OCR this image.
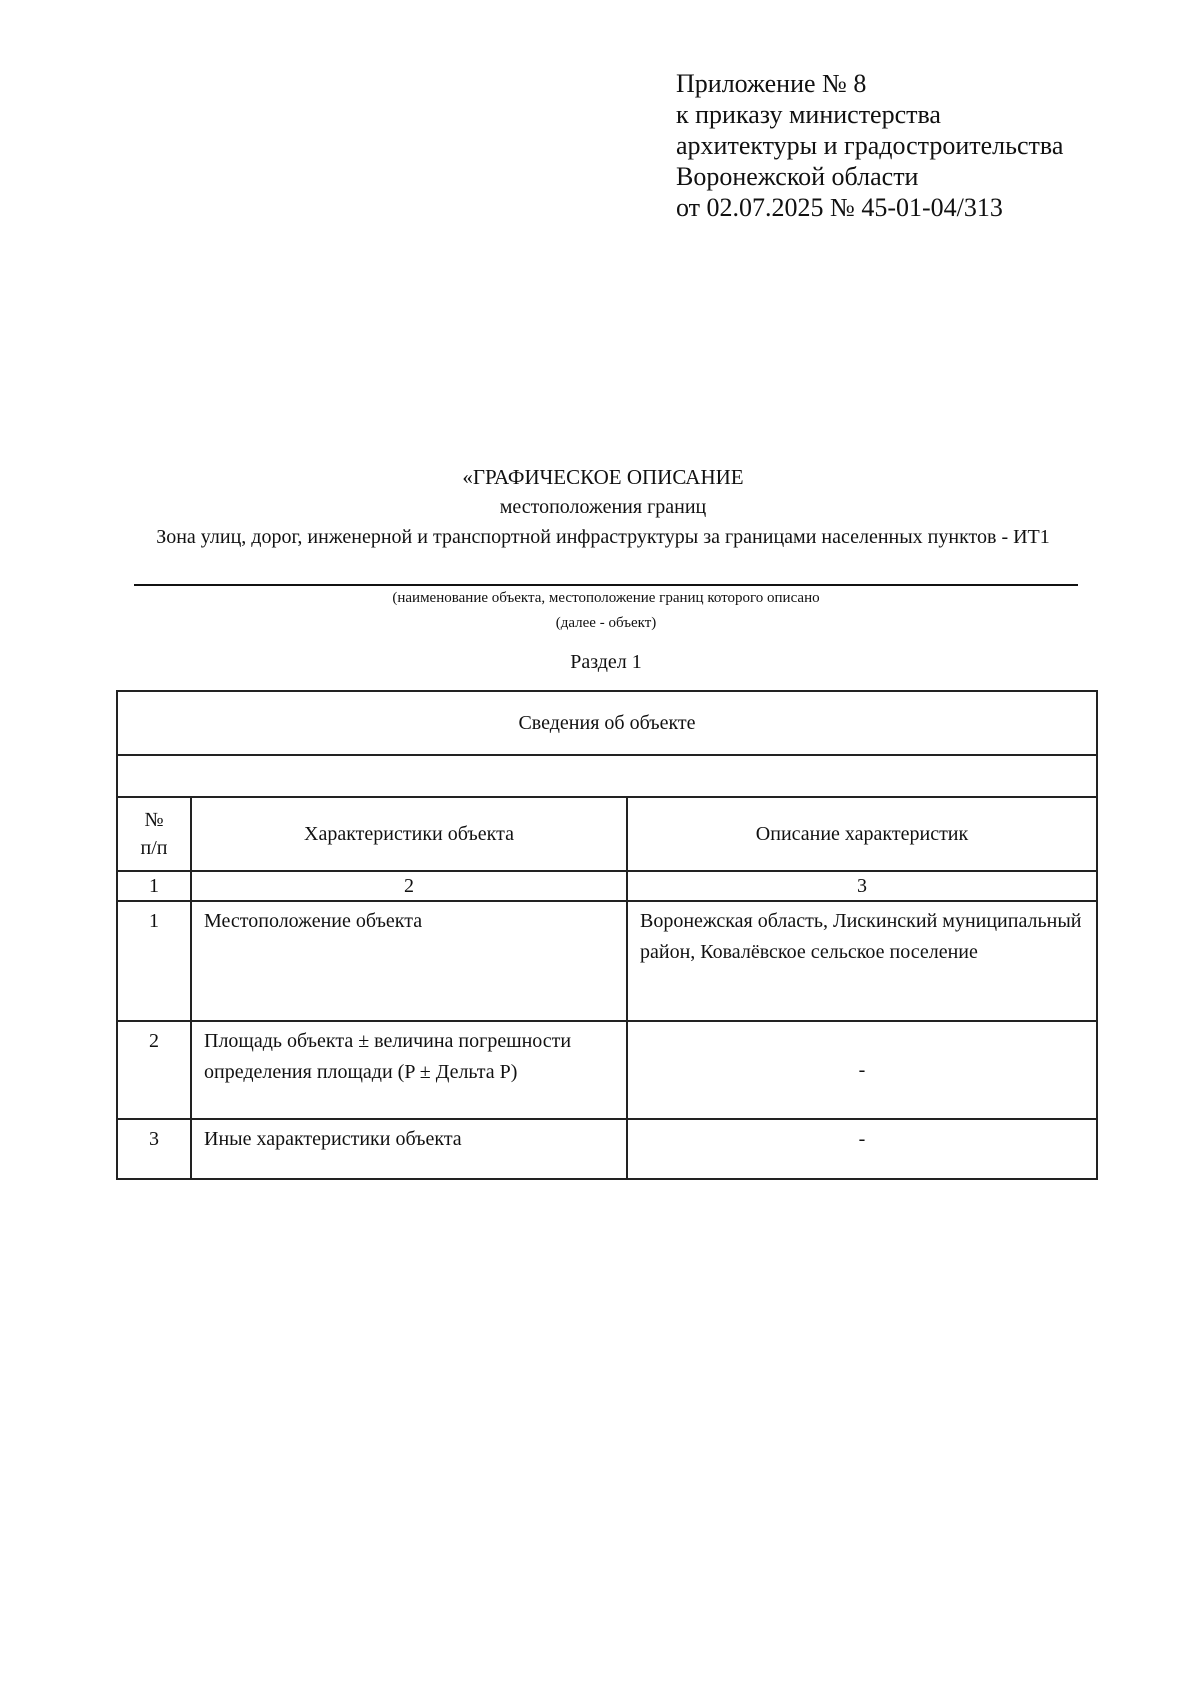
Приложение № 8
к приказу министерства
архитектуры и градостроительства
Воронежской области
от 02.07.2025 № 45-01-04/313
«ГРАФИЧЕСКОЕ ОПИСАНИЕ
местоположения границ
Зона улиц, дорог, инженерной и транспортной инфраструктуры за границами населенных пунктов - ИТ1
(наименование объекта, местоположение границ которого описано
(далее - объект)
Раздел 1
Сведения об объекте		

№ п/п	Характеристики объекта	Описание характеристик
1	2	3
1	Местоположение объекта	Воронежская область, Лискинский муниципальный район, Ковалёвское сельское поселение
2	Площадь объекта ± величина погрешности определения площади (P ± Дельта P)	-
3	Иные характеристики объекта	-
